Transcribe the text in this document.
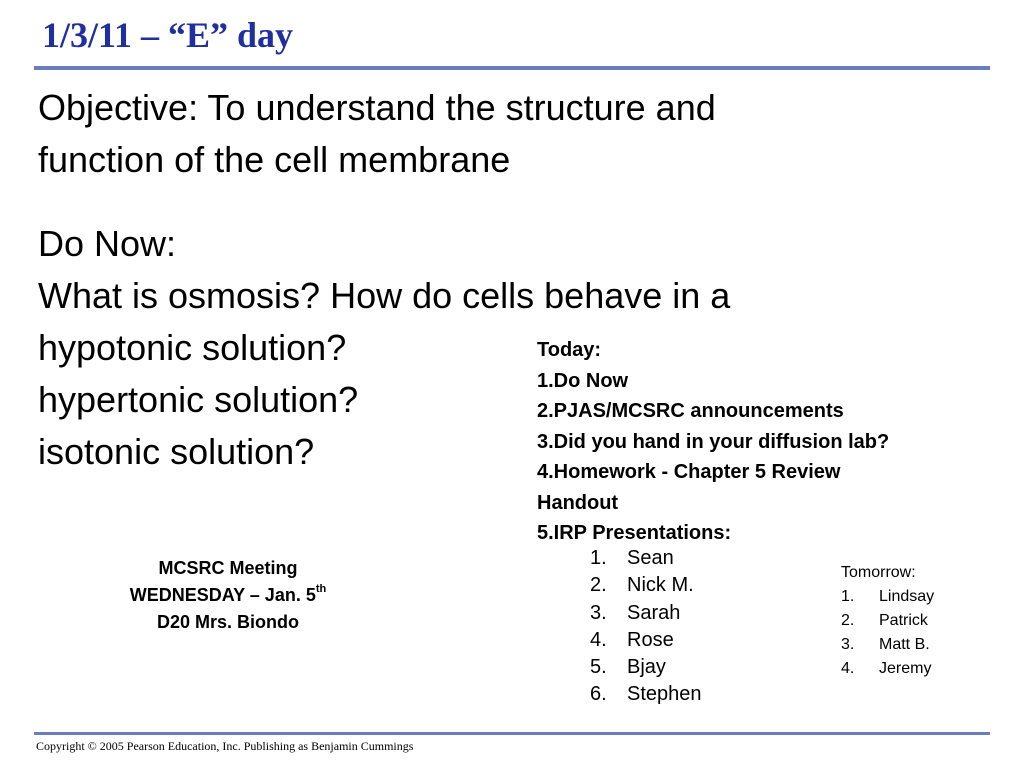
1/3/11 – “E” day
Objective: To understand the structure and
function of the cell membrane
Do Now:
What is osmosis? How do cells behave in a
hypotonic solution?
hypertonic solution?
isotonic solution?
Today:
1.Do Now
2.PJAS/MCSRC announcements
3.Did you hand in your diffusion lab?
4.Homework - Chapter 5 Review
Handout
5.IRP Presentations:
1.	Sean
2.	Nick M.
3.	Sarah
4.	Rose
5.	Bjay
6.	Stephen
MCSRC Meeting
WEDNESDAY – Jan. 5th
D20 Mrs. Biondo
Tomorrow:
1.	Lindsay
2.	Patrick
3.	Matt B.
4.	Jeremy
Copyright © 2005 Pearson Education, Inc. Publishing as Benjamin Cummings
